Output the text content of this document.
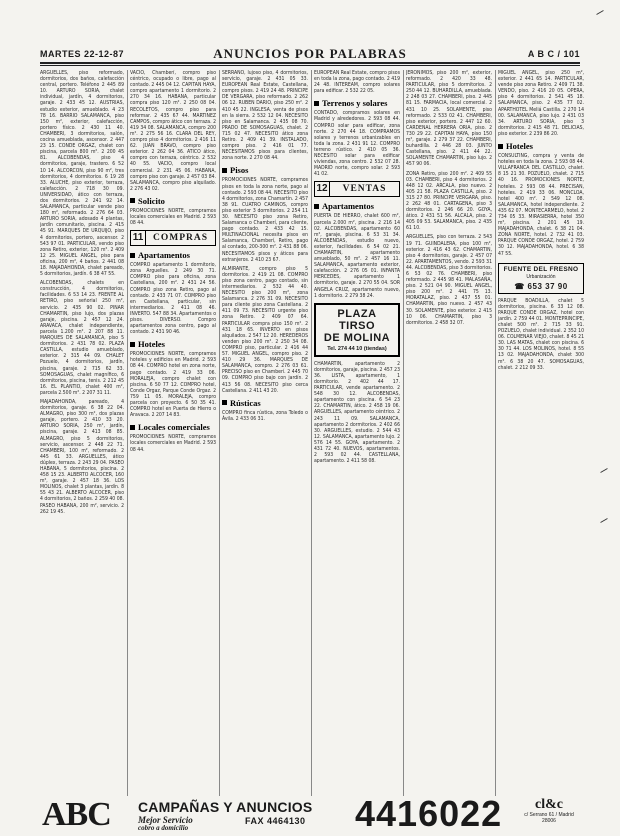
MARTES 22-12-87	ANUNCIOS POR PALABRAS	A B C / 101
ARGUELLES, piso reformado, dormitorios, dos baños, calefacción central, portero. Teléfono 2 445 89 10. ARTURO SORIA, chalet individual, jardín, 4 dormitorios, garaje. 2 433 45 12. AUSTRIAS, estudio exterior, amueblado. 4 23 78 16. BARRIO SALAMANCA, piso 150 m², exterior, calefacción, portero físico. 2 430 11 40. CHAMBERI, 3 dormitorios, salón, cocina amueblada, ascensor. 2 447 23 15. CONDE ORGAZ, chalet con piscina, parcela 800 m². 2 200 45 81. ALCOBENDAS, piso 4 dormitorios, garaje, trastero. 6 52 10 14. ALCORCON, piso 90 m², tres dormitorios, 4 dormitorios. 6 19 28 33. ALUCHE, piso exterior, terraza, calefacción. 2 718 30 09. UNIVERSIDAD, ático con terraza, dos dormitorios. 2 241 92 14. SALAMANCA, particular vende piso 180 m², reformado. 2 276 64 03. ARTURO SORIA, adosado 4 plantas, jardín comunitario, piscina. 2 415 45 91. MARQUES DE URQUIJO, piso 4 dormitorios, portero, ascensor. 2 543 97 01. PARTICULAR, vendo piso zona Retiro, exterior, 120 m². 2 409 12 25. MIGUEL ANGEL, piso para oficina, 200 m², 4 baños. 2 441 08 18. MAJADAHONDA, chalet pareado, 5 dormitorios, jardín. 6 38 47 55.
ALCOBENDAS, chalets en construcción, 4 dormitorios, facilidades. 6 53 14 23. FRENTE AL RETIRO, piso señorial 250 m², servicio. 2 435 90 02. PINAR CHAMARTIN, piso lujo, dos plazas garaje, piscina. 2 457 12 24. ARAVACA, chalet independiente, parcela 1.200 m². 2 207 88 11. MARQUES DE SALAMANCA, piso 5 dormitorios. 2 431 78 02. PLAZA CASTILLA, estudio amueblado, exterior. 2 315 44 09. CHALET Pozuelo, 4 dormitorios, jardín, piscina, garaje. 2 715 62 33. SOMOSAGUAS, chalet magnífico, 6 dormitorios, piscina, tenis. 2 212 45 16. EL PLANTIO, chalet 400 m², parcela 2.500 m². 2 207 31 11.
MAJADAHONDA, pareado, 4 dormitorios, garaje. 6 38 22 04. ALMAGRO, piso 300 m², dos plazas garaje, portero. 2 410 33 20. ARTURO SORIA, 250 m², jardín, piscina, garaje. 2 413 08 85. ALMAGRO, piso 5 dormitorios, servicio, ascensor. 2 448 22 71. CHAMBERI, 100 m², reformado. 2 445 61 33. ARGUELLES, ático dúplex, terraza. 2 243 29 04. PASEO HABANA, 5 dormitorios, piscina. 2 458 15 23. ALBERTO ALCOCER, 160 m², garaje. 2 457 18 36. LOS MOLINOS, chalet 3 plantas, jardín. 8 55 43 21. ALBERTO ALCOCER, piso 4 dormitorios, 2 baños. 2 259 40 08. PASEO HABANA, 200 m², servicio. 2 262 19 45.
VACIO, Chamberí, compro piso céntrico, ocupado o libre, pago al contado. 2 445 04 12. CAPITAN HAYA, compro apartamento 1 dormitorio. 2 270 34 16. HABANA, particular compra piso 120 m². 2 250 08 04. RECOLETOS, compro piso para reformar. 2 435 67 44. MARTINEZ CAMPOS, compro ático con terraza. 2 419 34 08. SALAMANCA, compro 200 m². 2 275 56 16. CLARA DEL REY, compro piso 4 dormitorios. 2 416 11 62. JUAN BRAVO, compro piso exterior. 2 262 04 36. ATICO ático, compro con terraza, céntrico. 2 532 40 55. VACIO, compro local comercial. 2 231 45 06. HABANA, compro piso con garaje. 2 457 03 84. SALAMANCA, compro piso alquilado. 2 276 43 02.
Solicito

PROMOCIONES NORTE, compramos locales comerciales en Madrid. 2 593 08 44.

11	COMPRAS
Apartamentos
COMPRO apartamento 1 dormitorio, zona Arguelles. 2 249 30 71. COMPRO piso para oficina, zona Castellana, 200 m². 2 431 24 56. COMPRO piso zona Retiro, pago al contado. 2 433 71 07. COMPRO piso en Castellana, particular, sin intermediarios. 2 411 08 46. INVERTO. 547 88 34. Apartamentos o pisos. DIVERSO. Compro apartamentos zona centro, pago al contado. 2 431 90 46.
Hoteles
PROMOCIONES NORTE, compramos hoteles y edificios en Madrid. 2 593 08 44. COMPRO hotel en zona norte, pago contado. 2 419 33 06. MORALEJA, compro chalet con piscina. 6 50 77 12. COMPRO hotel, Conde Orgaz, Parque Conde Orgaz. 2 759 11 05. MORALEJA, compro parcela con proyecto. 6 50 35 41. COMPRO hotel en Puerta de Hierro o Aravaca. 2 207 14 83.
Locales comerciales
PROMOCIONES NORTE, compramos locales comerciales en Madrid. 2 593 08 44.
SERRANO, lujoso piso, 4 dormitorios, servicio, garaje. 2 431 05 33. EUROPEAN Real Estate, Castellana, compro pisos. 2 419 24 48. PRINCIPE DE VERGARA, piso reformado. 2 262 06 12. RUBEN DARIO, piso 250 m². 2 410 45 22. INGLESA, venta de pisos en la sierra. 2 532 12 04. NECESITO piso en Salamanca. 2 435 08 70. PRADO DE SOMOSAGUAS, chalet. 2 715 02 47. NECESITO ático zona Retiro. 2 409 41 39. INSTALADO, compro piso. 2 416 01 77. NECESITAMOS pisos para clientes, zona norte. 2 270 08 44.
Pisos
PROMOCIONES NORTE, compramos pisos en toda la zona norte, pago al contado. 2 593 08 44. NECESITO piso 4 dormitorios, zona Chamartín. 2 457 38 91. CUATRO CAMINOS, compro piso exterior 3 dormitorios. 2 254 11 30. NECESITO piso zona Retiro, Salamanca o Chamberí, para cliente, pago contado. 2 433 42 15. MULTINACIONAL necesita pisos en Salamanca, Chamberí, Retiro, pago al contado, 200-300 m². 2 431 88 06. NECESITAMOS pisos y áticos para extranjeros. 2 410 23 67.
ALMIRANTE, compro piso 5 dormitorios. 2 419 21 08. COMPRO piso zona centro, pago contado, sin intermediarios. 2 532 44 40. NECESITO piso 200 m², zona Salamanca. 2 276 31 09. NECESITO para cliente piso zona Castellana. 2 411 09 73. NECESITO urgente piso zona Retiro. 2 409 07 64. PARTICULAR compra piso 150 m². 2 431 18 65. INVERTO en pisos alquilados. 2 547 12 20. HEREDEROS venden piso 200 m². 2 250 34 08. COMPRO piso, particular. 2 416 44 57. MIGUEL ANGEL, compro piso. 2 410 29 36. MARQUES DE SALAMANCA, compro. 2 276 03 61. PRECISO piso en Chamberí. 2 445 70 09. COMPRO piso bajo con jardín. 2 413 56 08. NECESITO piso cerca Castellana. 2 411 43 20.
Rústicas
COMPRO finca rústica, zona Toledo o Ávila. 2 433 06 31.
EUROPEAN Real Estate, compro pisos en toda la zona, pago contado. 2 419 24 48. INTEREAM, compro solares para edificar. 2 532 22 05.
Terrenos y solares
CONTADO, compramos solares en Madrid y alrededores. 2 593 08 44. COMPRO solar para edificar, zona norte. 2 270 44 18. COMPRAMOS solares y terrenos urbanizables en toda la zona. 2 431 91 12. COMPRO terreno rústico. 2 410 05 36. NECESITO solar para edificar viviendas, zona centro. 2 532 07 28. MADRID norte, compro solar. 2 593 41 02.
12	VENTAS
Apartamentos
PUERTA DE HIERRO, chalet 600 m², parcela 2.000 m², piscina. 2 216 14 02. ALCOBENDAS, apartamento 60 m², garaje, piscina. 6 53 31 34. ALCOBENDAS, estudio nuevo, exterior, facilidades. 6 54 02 21. CHAMARTIN, apartamento amueblado, 50 m². 2 457 16 11. SALAMANCA, apartamento exterior, calefacción. 2 276 05 01. INFANTA MERCEDES, apartamento 1 dormitorio, garaje. 2 270 55 04. SOR ANGELA CRUZ, apartamento nuevo, 1 dormitorio. 2 279 38 24.
PLAZA TIRSO
DE MOLINA
Tel. 274 44 10 (tiendas)
CHAMARTIN, apartamento 2 dormitorios, garaje, piscina. 2 457 23 36. LISTA, apartamento, 1 dormitorio. 2 402 44 17. PARTICULAR, vende apartamento. 2 548 30 12. ALCOBENDAS, apartamento con piscina. 6 54 23 22. CHAMARTIN, ático. 2 458 19 06. ARGUELLES, apartamento céntrico. 2 243 11 09. SALAMANCA, apartamento 2 dormitorios. 2 402 66 30. ARGUELLES, estudio. 2 544 43 12. SALAMANCA, apartamento lujo. 2 576 14 55. GOYA, apartamento. 2 431 72 40. NUEVOS, apartamentos. 2 593 02 44. CASTELLANA, apartamento. 2 411 58 08.
JERONIMOS, piso 200 m², exterior, reformado. 2 420 33 48. PARTICULAR, piso 5 dormitorios. 2 250 44 12. BUHARDILLA, amueblada. 2 248 03 27. CHAMBERI, piso. 2 445 81 15. FARMACIA, local comercial. 2 431 10 25. SOLAMENTE, piso reformado. 2 533 02 41. CHAMBERI, piso exterior, portero. 2 447 12 60. CARDENAL HERRERA ORIA, piso. 2 730 29 22. CAPITAN HAYA, piso 150 m², garaje. 2 279 37 22. CHAMBERI, buhardilla. 2 446 28 03. JUNTO Castellana, piso. 2 411 44 22. SOLAMENTE CHAMARTIN, piso lujo. 2 457 90 06.
ZONA Retiro, piso 200 m². 2 409 55 03. CHAMBERI, piso 4 dormitorios. 2 448 12 02. ARCALA, piso nuevo. 2 405 21 58. PLAZA CASTILLA, piso. 2 315 27 80. PRINCIPE VERGARA, piso. 2 262 48 01. CARTAGENA, piso 3 dormitorios. 2 246 66 20. GOYA, ático. 2 431 51 56. ALCALA, piso. 2 405 09 53. SALAMANCA, piso. 2 435 61 10.
ARGUELLES, piso con terraza. 2 543 19 71. GUINDALERA, piso 100 m², exterior. 2 416 43 62. CHAMARTIN, piso 4 dormitorios, garaje. 2 457 07 22. APARTAMENTOS, vendo. 2 593 31 44. ALCOBENDAS, piso 3 dormitorios. 6 53 02 76. CHAMBERI, piso reformado. 2 445 98 41. MALASAÑA, piso. 2 521 04 90. MIGUEL ANGEL, piso 200 m². 2 441 75 13. MORATALAZ, piso. 2 437 55 01. CHAMARTIN, piso nuevo. 2 457 43 30. SOLAMENTE, piso exterior. 2 415 10 06. CHAMARTIN, piso 3 dormitorios. 2 458 32 07.
MIGUEL ANGEL, piso 250 m², exterior. 2 441 65 14. PARTICULAR, vende piso zona Retiro. 2 409 71 38. VENDO, piso. 2 416 20 05. OPERA, piso 4 dormitorios. 2 541 45 18. SALAMANCA, piso. 2 435 77 02. APARTHOTEL Meliá Castilla. 2 270 14 00. SALAMANCA, piso lujo. 2 431 03 34. ARTURO SORIA, piso 3 dormitorios. 2 415 48 71. DELICIAS, piso exterior. 2 239 86 20.
Hoteles
CONSULTING, compra y venta de hoteles en toda la zona. 2 593 08 44. VILLAFRANCA DEL CASTILLO, chalet. 8 15 21 30. POZUELO, chalet. 2 715 40 16. PROMOCIONES NORTE, hoteles. 2 593 08 44. PRECISAN, hoteles. 2 419 33 06. MONCLOA, hotel 400 m². 2 549 12 08. SALAMANCA, hotel independiente. 2 435 62 07. MONTECARMELO, hotel. 2 734 05 33. MIRASIERRA, hotel 350 m², piscina. 2 201 45 19. MAJADAHONDA, chalet. 6 38 21 04. ZONA NORTE, hotel. 2 732 41 03. PARQUE CONDE ORGAZ, hotel. 2 759 30 12. MAJADAHONDA, hotel. 6 38 47 55.
FUENTE DEL FRESNO
Urbanización
☎ 653 37 90
PARQUE BOADILLA, chalet 5 dormitorios, piscina. 6 33 12 08. PARQUE CONDE ORGAZ, hotel con jardín. 2 759 44 01. MONTEPRINCIPE, chalet 500 m². 2 715 33 91. POZUELO, chalet individual. 2 352 10 06. COLMENAR VIEJO, chalet. 8 45 21 30. LAS MATAS, chalet con piscina. 6 30 71 44. LOS MOLINOS, hotel. 8 55 13 02. MAJADAHONDA, chalet 300 m². 6 38 20 47. SOMOSAGUAS, chalet. 2 212 09 33.
ABC CAMPAÑAS Y ANUNCIOS
Mejor Servicio
cobro a domicilio
FAX 4464130 4416022	cl&c
c/ Serrano 61 / Madrid 28006
